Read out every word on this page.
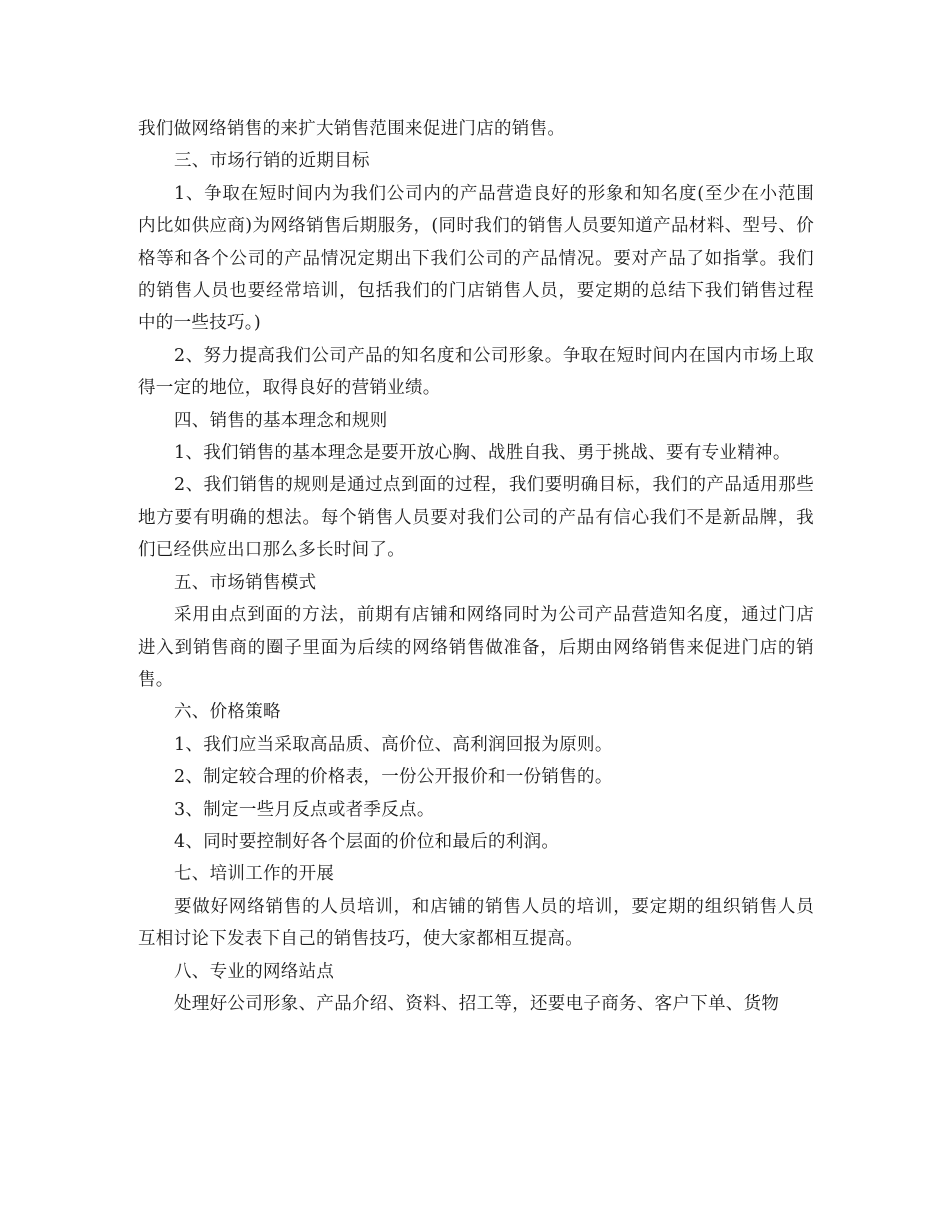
我们做网络销售的来扩大销售范围来促进门店的销售。

三、市场行销的近期目标

1、争取在短时间内为我们公司内的产品营造良好的形象和知名度(至少在小范围内比如供应商)为网络销售后期服务，(同时我们的销售人员要知道产品材料、型号、价格等和各个公司的产品情况定期出下我们公司的产品情况。要对产品了如指掌。我们的销售人员也要经常培训，包括我们的门店销售人员，要定期的总结下我们销售过程中的一些技巧。)

2、努力提高我们公司产品的知名度和公司形象。争取在短时间内在国内市场上取得一定的地位，取得良好的营销业绩。

四、销售的基本理念和规则

1、我们销售的基本理念是要开放心胸、战胜自我、勇于挑战、要有专业精神。

2、我们销售的规则是通过点到面的过程，我们要明确目标，我们的产品适用那些地方要有明确的想法。每个销售人员要对我们公司的产品有信心我们不是新品牌，我们已经供应出口那么多长时间了。

五、市场销售模式

采用由点到面的方法，前期有店铺和网络同时为公司产品营造知名度，通过门店进入到销售商的圈子里面为后续的网络销售做准备，后期由网络销售来促进门店的销售。

六、价格策略

1、我们应当采取高品质、高价位、高利润回报为原则。

2、制定较合理的价格表，一份公开报价和一份销售的。

3、制定一些月反点或者季反点。

4、同时要控制好各个层面的价位和最后的利润。

七、培训工作的开展

要做好网络销售的人员培训，和店铺的销售人员的培训，要定期的组织销售人员互相讨论下发表下自己的销售技巧，使大家都相互提高。

八、专业的网络站点

处理好公司形象、产品介绍、资料、招工等，还要电子商务、客户下单、货物
